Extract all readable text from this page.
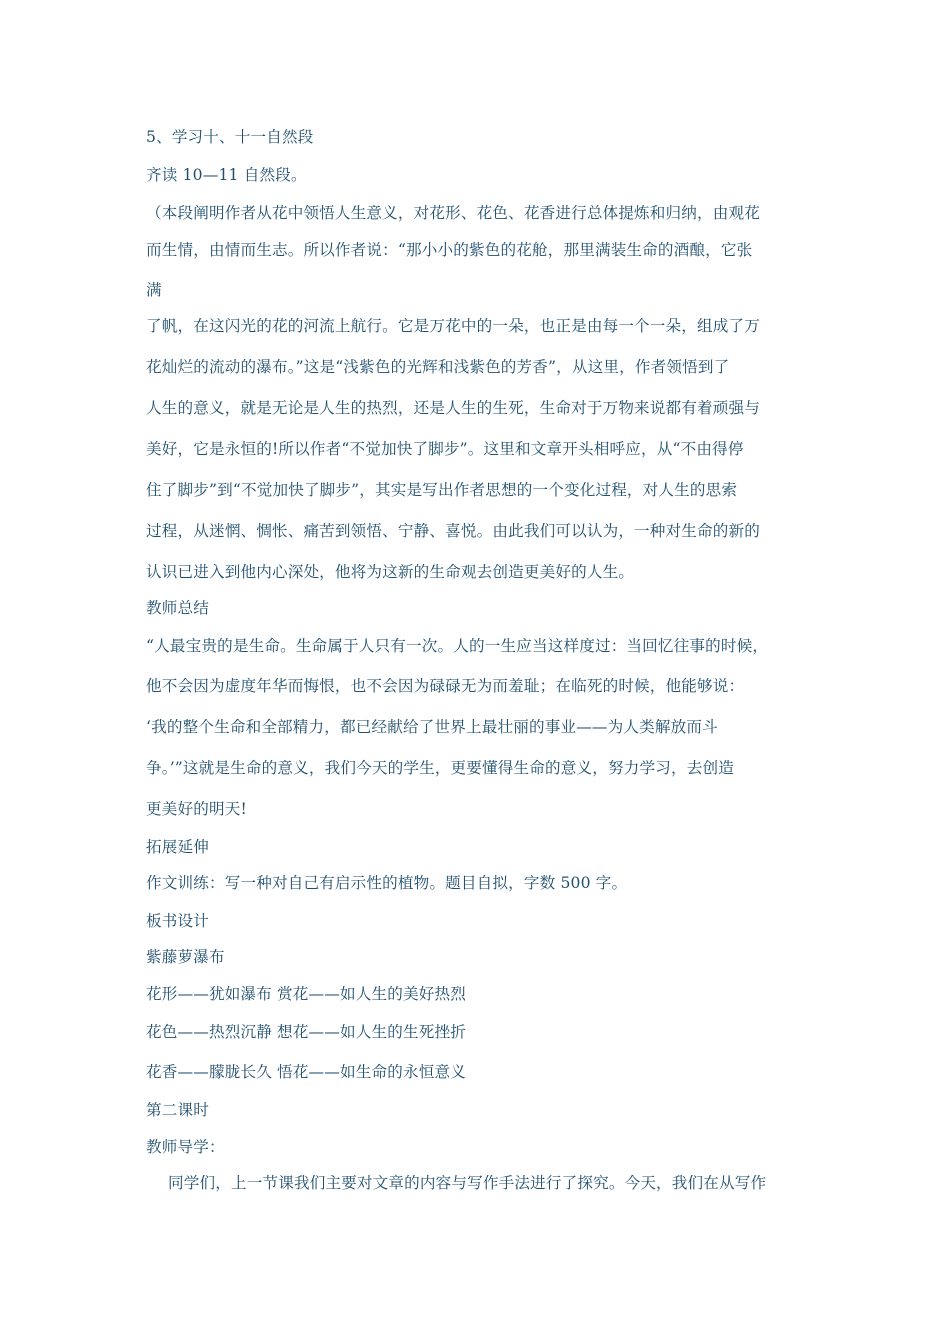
5、学习十、十一自然段
齐读 10—11 自然段。
（本段阐明作者从花中领悟人生意义，对花形、花色、花香进行总体提炼和归纳，由观花
而生情，由情而生志。所以作者说：“那小小的紫色的花舱，那里满装生命的酒酿，它张
满
了帆，在这闪光的花的河流上航行。它是万花中的一朵，也正是由每一个一朵，组成了万
花灿烂的流动的瀑布。”这是“浅紫色的光辉和浅紫色的芳香”，从这里，作者领悟到了
人生的意义，就是无论是人生的热烈，还是人生的生死，生命对于万物来说都有着顽强与
美好，它是永恒的!所以作者“不觉加快了脚步”。这里和文章开头相呼应，从“不由得停
住了脚步”到“不觉加快了脚步”，其实是写出作者思想的一个变化过程，对人生的思索
过程，从迷惘、惆怅、痛苦到领悟、宁静、喜悦。由此我们可以认为，一种对生命的新的
认识已进入到他内心深处，他将为这新的生命观去创造更美好的人生。
教师总结
“人最宝贵的是生命。生命属于人只有一次。人的一生应当这样度过：当回忆往事的时候，
他不会因为虚度年华而悔恨，也不会因为碌碌无为而羞耻；在临死的时候，他能够说：
‘我的整个生命和全部精力，都已经献给了世界上最壮丽的事业——为人类解放而斗
争。’”这就是生命的意义，我们今天的学生，更要懂得生命的意义，努力学习，去创造
更美好的明天!
拓展延伸
作文训练：写一种对自己有启示性的植物。题目自拟，字数 500 字。
板书设计
紫藤萝瀑布
花形——犹如瀑布 赏花——如人生的美好热烈
花色——热烈沉静 想花——如人生的生死挫折
花香——朦胧长久 悟花——如生命的永恒意义
第二课时
教师导学：
同学们，上一节课我们主要对文章的内容与写作手法进行了探究。今天，我们在从写作
